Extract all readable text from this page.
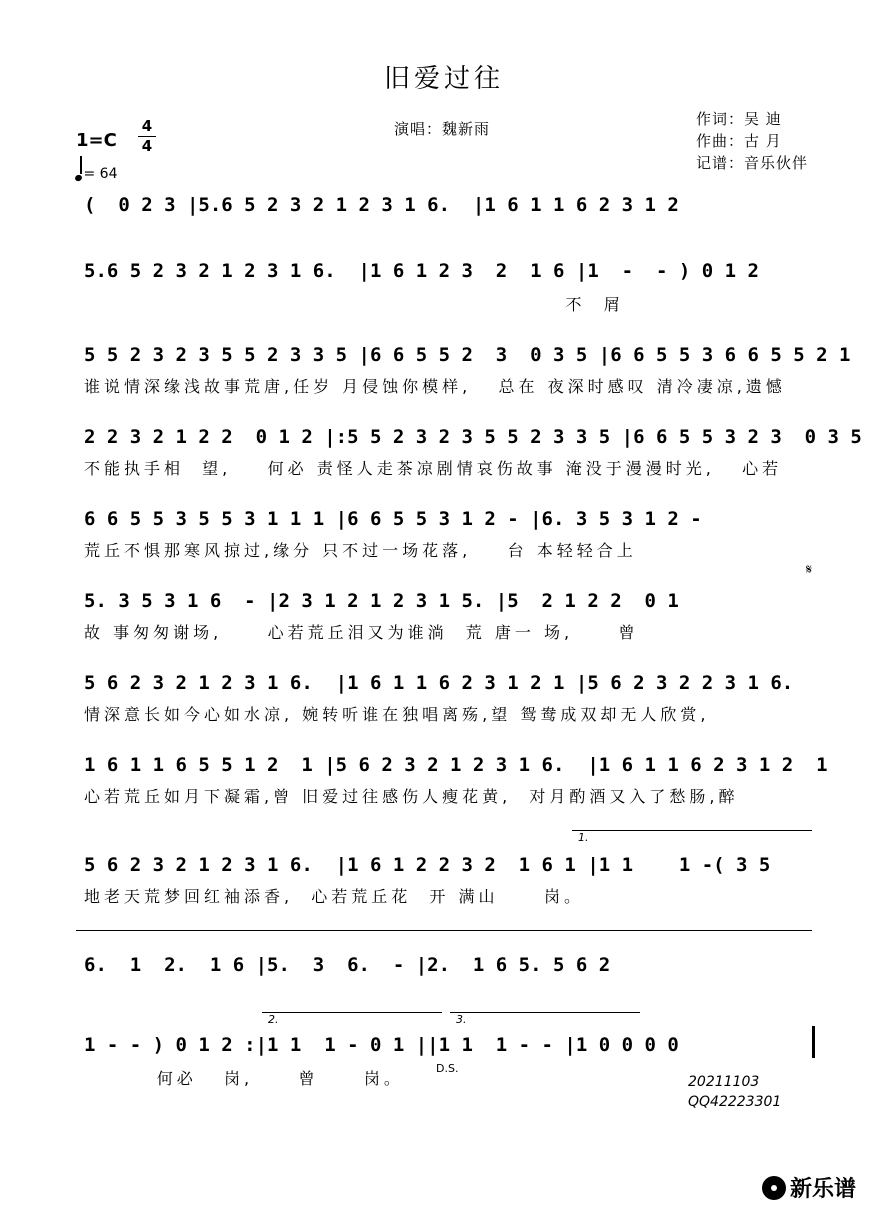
旧爱过往
演唱：魏新雨
作词：吴 迪
作曲：古 月
记谱：音乐伙伴
1=C
4
4
= 64
(  0 2 3 |5.6 5 2 3 2 1 2 3 1 6.  |1 6 1 1 6 2 3 1 2
5.6 5 2 3 2 1 2 3 1 6.  |1 6 1 2 3  2  1 6 |1  -  - ) 0 1 2
不  屑
5 5 2 3 2 3 5 5 2 3 3 5 |6 6 5 5 2  3  0 3 5 |6 6 5 5 3 6 6 5 5 2 1
谁说情深缘浅故事荒唐,任岁 月侵蚀你模样,   总在 夜深时感叹 清冷凄凉,遗憾
2 2 3 2 1 2 2  0 1 2 |:5 5 2 3 2 3 5 5 2 3 3 5 |6 6 5 5 3 2 3  0 3 5
不能执手相  望,    何必 责怪人走茶凉剧情哀伤故事 淹没于漫漫时光,   心若
6 6 5 5 3 5 5 3 1 1 1 |6 6 5 5 3 1 2 - |6. 3 5 3 1 2 -
荒丘不惧那寒风掠过,缘分 只不过一场花落,    台 本轻轻合上
5. 3 5 3 1 6  - |2 3 1 2 1 2 3 1 5. |5  2 1 2 2  0 1
故 事匆匆谢场,     心若荒丘泪又为谁淌  荒 唐一 场,     曾
5 6 2 3 2 1 2 3 1 6.  |1 6 1 1 6 2 3 1 2 1 |5 6 2 3 2 2 3 1 6.
情深意长如今心如水凉, 婉转听谁在独唱离殇,望 鸳鸯成双却无人欣赏,
1 6 1 1 6 5 5 1 2  1 |5 6 2 3 2 1 2 3 1 6.  |1 6 1 1 6 2 3 1 2  1
心若荒丘如月下凝霜,曾 旧爱过往感伤人瘦花黄,  对月酌酒又入了愁肠,醉
5 6 2 3 2 1 2 3 1 6.  |1 6 1 2 2 3 2  1 6 1 |1 1    1 -( 3 5
地老天荒梦回红袖添香,  心若荒丘花  开 满山     岗。
6.  1  2.  1 6 |5.  3  6.  - |2.  1 6 5. 5 6 2
1 - - ) 0 1 2 :|1 1  1 - 0 1 ||1 1  1 - - |1 0 0 0 0
何必   岗,     曾     岗。
1.
2.	3.
𝄋
D.S.
20211103
QQ42223301
新乐谱
